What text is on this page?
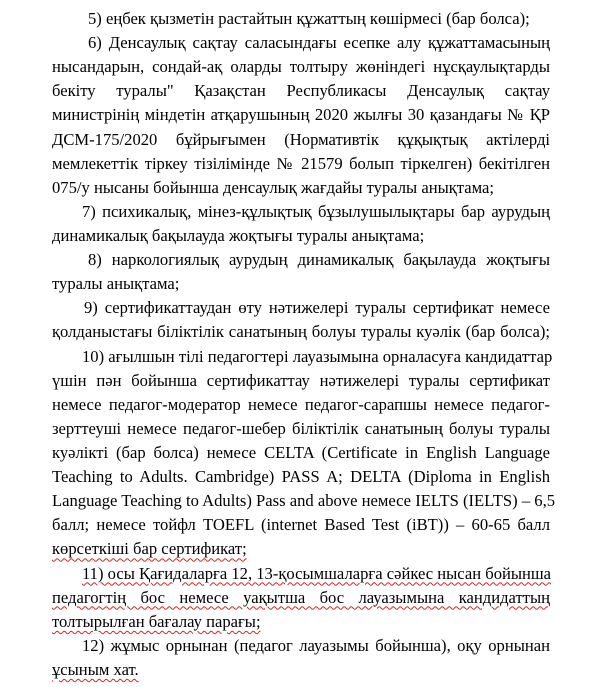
5) еңбек қызметін растайтын құжаттың көшірмесі (бар болса);
6) Денсаулық сақтау саласындағы есепке алу құжаттамасының
нысандарын, сондай-ақ оларды толтыру жөніндегі нұсқаулықтарды
бекіту туралы" Қазақстан Республикасы Денсаулық сақтау
министрінің міндетін атқарушының 2020 жылғы 30 қазандағы № ҚР
ДСМ-175/2020 бұйрығымен (Нормативтік құқықтық актілерді
мемлекеттік тіркеу тізілімінде № 21579 болып тіркелген) бекітілген
075/у нысаны бойынша денсаулық жағдайы туралы анықтама;
7) психикалық, мінез-құлықтық бұзылушылықтары бар аурудың
динамикалық бақылауда жоқтығы туралы анықтама;
8) наркологиялық аурудың динамикалық бақылауда жоқтығы
туралы анықтама;
9) сертификаттаудан өту нәтижелері туралы сертификат немесе
қолданыстағы біліктілік санатының болуы туралы куәлік (бар болса);
10) ағылшын тілі педагогтері лауазымына орналасуға кандидаттар
үшін пән бойынша сертификаттау нәтижелері туралы сертификат
немесе педагог-модератор немесе педагог-сарапшы немесе педагог-
зерттеуші немесе педагог-шебер біліктілік санатының болуы туралы
куәлікті (бар болса) немесе CELTA (Certificate in English Language
Teaching to Adults. Cambridge) PASS A; DELTA (Diploma in English
Language Teaching to Adults) Pass and above немесе IELTS (IELTS) – 6,5
балл; немесе тойфл TOEFL (internet Based Test (iBT)) – 60-65 балл
көрсеткіші бар сертификат;
11) осы Қағидаларға 12, 13-қосымшаларға сәйкес нысан бойынша
педагогтің бос немесе уақытша бос лауазымына кандидаттың
толтырылған бағалау парағы;
12) жұмыс орнынан (педагог лауазымы бойынша), оқу орнынан
ұсыным хат.
